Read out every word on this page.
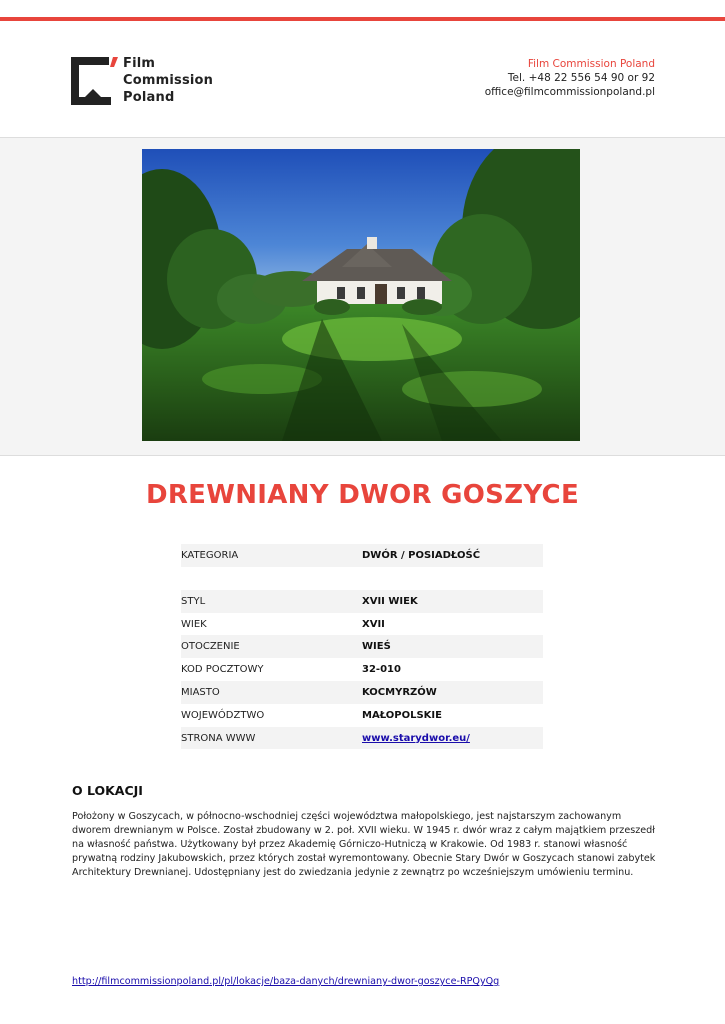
Film
Commission
Poland
Film Commission Poland
Tel. +48 22 556 54 90 or 92
office@filmcommissionpoland.pl
DREWNIANY DWOR GOSZYCE
KATEGORIA	DWÓR / POSIADŁOŚĆ
STYL	XVII WIEK
WIEK	XVII
OTOCZENIE	WIEŚ
KOD POCZTOWY	32-010
MIASTO	KOCMYRZÓW
WOJEWÓDZTWO	MAŁOPOLSKIE
STRONA WWW	www.starydwor.eu/
O LOKACJI
Położony w Goszycach, w północno-wschodniej części województwa małopolskiego, jest najstarszym zachowanym dworem drewnianym w Polsce. Został zbudowany w 2. poł. XVII wieku. W 1945 r. dwór wraz z całym majątkiem przeszedł na własność państwa. Użytkowany był przez Akademię Górniczo-Hutniczą w Krakowie. Od 1983 r. stanowi własność prywatną rodziny Jakubowskich, przez których został wyremontowany. Obecnie Stary Dwór w Goszycach stanowi zabytek Architektury Drewnianej. Udostępniany jest do zwiedzania jedynie z zewnątrz po wcześniejszym umówieniu terminu.
http://filmcommissionpoland.pl/pl/lokacje/baza-danych/drewniany-dwor-goszyce-RPQyQg
